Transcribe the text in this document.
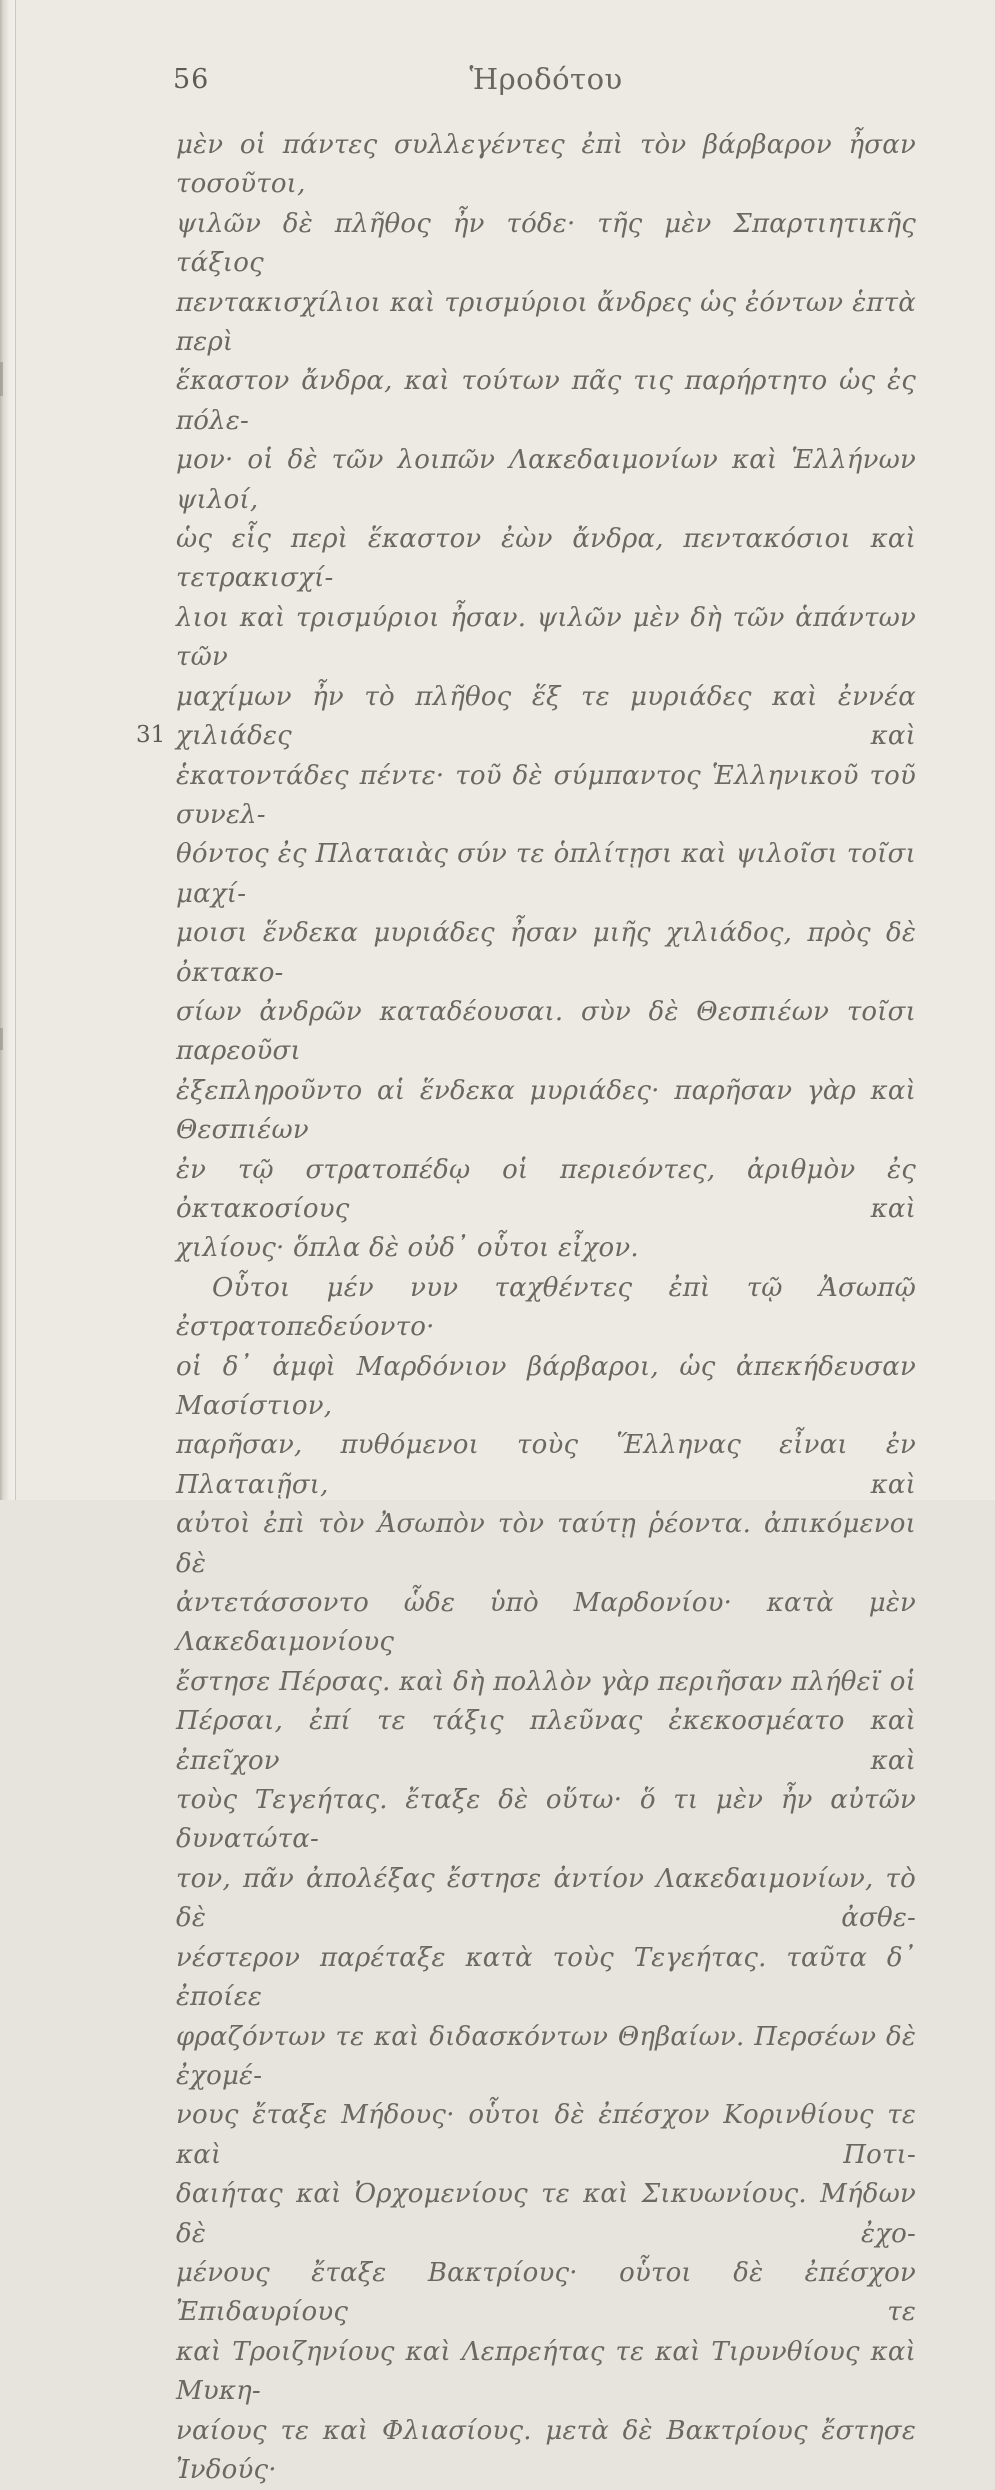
56	Ἡροδότου
μὲν οἱ πάντες συλλεγέντες ἐπὶ τὸν βάρβαρον ἦσαν τοσοῦτοι,
ψιλῶν δὲ πλῆθος ἦν τόδε· τῆς μὲν Σπαρτιητικῆς τάξιος
πεντακισχίλιοι καὶ τρισμύριοι ἄνδρες ὡς ἐόντων ἑπτὰ περὶ
ἕκαστον ἄνδρα, καὶ τούτων πᾶς τις παρήρτητο ὡς ἐς πόλε-
μον· οἱ δὲ τῶν λοιπῶν Λακεδαιμονίων καὶ Ἑλλήνων ψιλοί,
ὡς εἷς περὶ ἕκαστον ἐὼν ἄνδρα, πεντακόσιοι καὶ τετρακισχί-
λιοι καὶ τρισμύριοι ἦσαν. ψιλῶν μὲν δὴ τῶν ἁπάντων τῶν
μαχίμων ἦν τὸ πλῆθος ἕξ τε μυριάδες καὶ ἐννέα χιλιάδες καὶ
ἑκατοντάδες πέντε· τοῦ δὲ σύμπαντος Ἑλληνικοῦ τοῦ συνελ-
θόντος ἐς Πλαταιὰς σύν τε ὁπλίτῃσι καὶ ψιλοῖσι τοῖσι μαχί-
μοισι ἕνδεκα μυριάδες ἦσαν μιῆς χιλιάδος, πρὸς δὲ ὀκτακο-
σίων ἀνδρῶν καταδέουσαι. σὺν δὲ Θεσπιέων τοῖσι παρεοῦσι
ἐξεπληροῦντο αἱ ἕνδεκα μυριάδες· παρῆσαν γὰρ καὶ Θεσπιέων
ἐν τῷ στρατοπέδῳ οἱ περιεόντες, ἀριθμὸν ἐς ὀκτακοσίους καὶ
χιλίους· ὅπλα δὲ οὐδ᾽ οὗτοι εἶχον.
Οὗτοι μέν νυν ταχθέντες ἐπὶ τῷ Ἀσωπῷ ἐστρατοπεδεύοντο·
οἱ δ᾽ ἀμφὶ Μαρδόνιον βάρβαροι, ὡς ἀπεκήδευσαν Μασίστιον,
παρῆσαν, πυθόμενοι τοὺς Ἕλληνας εἶναι ἐν Πλαταιῇσι, καὶ
αὐτοὶ ἐπὶ τὸν Ἀσωπὸν τὸν ταύτῃ ῥέοντα. ἀπικόμενοι δὲ
ἀντετάσσοντο ὧδε ὑπὸ Μαρδονίου· κατὰ μὲν Λακεδαιμονίους
ἔστησε Πέρσας. καὶ δὴ πολλὸν γὰρ περιῆσαν πλήθεϊ οἱ
Πέρσαι, ἐπί τε τάξις πλεῦνας ἐκεκοσμέατο καὶ ἐπεῖχον καὶ
τοὺς Τεγεήτας. ἔταξε δὲ οὕτω· ὅ τι μὲν ἦν αὐτῶν δυνατώτα-
τον, πᾶν ἀπολέξας ἔστησε ἀντίον Λακεδαιμονίων, τὸ δὲ ἀσθε-
νέστερον παρέταξε κατὰ τοὺς Τεγεήτας. ταῦτα δ᾽ ἐποίεε
φραζόντων τε καὶ διδασκόντων Θηβαίων. Περσέων δὲ ἐχομέ-
νους ἔταξε Μήδους· οὗτοι δὲ ἐπέσχον Κορινθίους τε καὶ Ποτι-
δαιήτας καὶ Ὀρχομενίους τε καὶ Σικυωνίους. Μήδων δὲ ἐχο-
μένους ἔταξε Βακτρίους· οὗτοι δὲ ἐπέσχον Ἐπιδαυρίους τε
καὶ Τροιζηνίους καὶ Λεπρεήτας τε καὶ Τιρυνθίους καὶ Μυκη-
ναίους τε καὶ Φλιασίους. μετὰ δὲ Βακτρίους ἔστησε Ἰνδούς·
31
